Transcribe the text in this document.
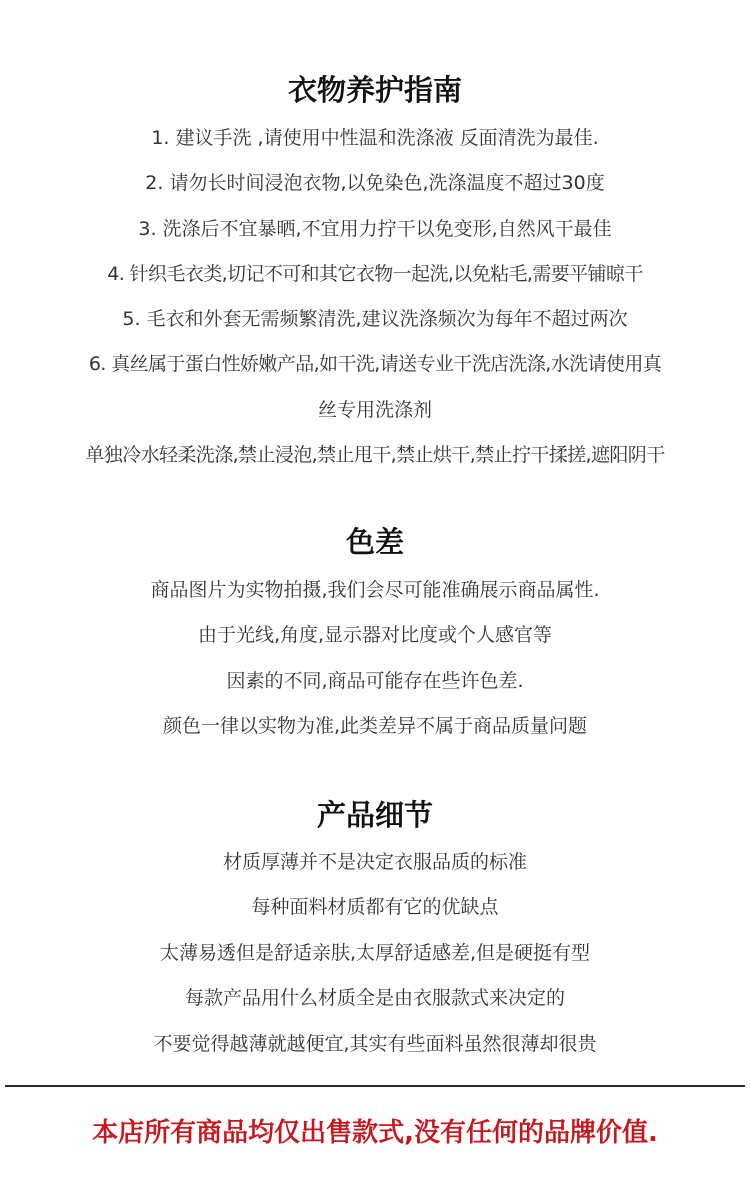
衣物养护指南

1. 建议手洗 ,请使用中性温和洗涤液 反面清洗为最佳.

2. 请勿长时间浸泡衣物,以免染色,洗涤温度不超过30度

3. 洗涤后不宜暴晒,不宜用力拧干以免变形,自然风干最佳

4. 针织毛衣类,切记不可和其它衣物一起洗,以免粘毛,需要平铺晾干

5. 毛衣和外套无需频繁清洗,建议洗涤频次为每年不超过两次

6. 真丝属于蛋白性娇嫩产品,如干洗,请送专业干洗店洗涤,水洗请使用真

丝专用洗涤剂

单独冷水轻柔洗涤,禁止浸泡,禁止甩干,禁止烘干,禁止拧干揉搓,遮阳阴干

色差

商品图片为实物拍摄,我们会尽可能准确展示商品属性.

由于光线,角度,显示器对比度或个人感官等

因素的不同,商品可能存在些许色差.

颜色一律以实物为准,此类差异不属于商品质量问题

产品细节

材质厚薄并不是决定衣服品质的标准

每种面料材质都有它的优缺点

太薄易透但是舒适亲肤,太厚舒适感差,但是硬挺有型

每款产品用什么材质全是由衣服款式来决定的

不要觉得越薄就越便宜,其实有些面料虽然很薄却很贵

本店所有商品均仅出售款式,没有任何的品牌价值.
